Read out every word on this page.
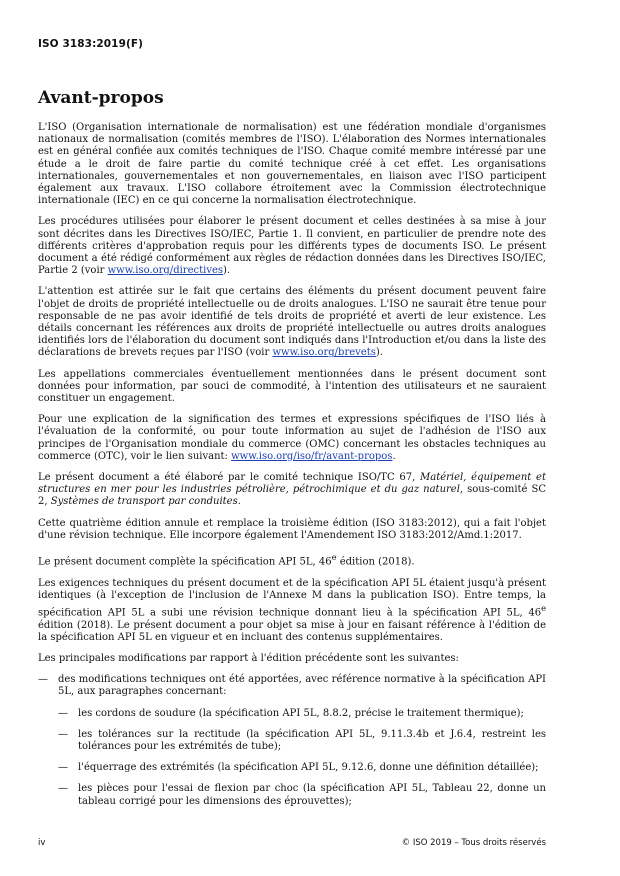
ISO 3183:2019(F)
Avant-propos

L'ISO (Organisation internationale de normalisation) est une fédération mondiale d'organismes nationaux de normalisation (comités membres de l'ISO). L'élaboration des Normes internationales est en général confiée aux comités techniques de l'ISO. Chaque comité membre intéressé par une étude a le droit de faire partie du comité technique créé à cet effet. Les organisations internationales, gouvernementales et non gouvernementales, en liaison avec l'ISO participent également aux travaux. L'ISO collabore étroitement avec la Commission électrotechnique internationale (IEC) en ce qui concerne la normalisation électrotechnique.

Les procédures utilisées pour élaborer le présent document et celles destinées à sa mise à jour sont décrites dans les Directives ISO/IEC, Partie 1. Il convient, en particulier de prendre note des différents critères d'approbation requis pour les différents types de documents ISO. Le présent document a été rédigé conformément aux règles de rédaction données dans les Directives ISO/IEC, Partie 2 (voir www.iso.org/directives).

L'attention est attirée sur le fait que certains des éléments du présent document peuvent faire l'objet de droits de propriété intellectuelle ou de droits analogues. L'ISO ne saurait être tenue pour responsable de ne pas avoir identifié de tels droits de propriété et averti de leur existence. Les détails concernant les références aux droits de propriété intellectuelle ou autres droits analogues identifiés lors de l'élaboration du document sont indiqués dans l'Introduction et/ou dans la liste des déclarations de brevets reçues par l'ISO (voir www.iso.org/brevets).

Les appellations commerciales éventuellement mentionnées dans le présent document sont données pour information, par souci de commodité, à l'intention des utilisateurs et ne sauraient constituer un engagement.

Pour une explication de la signification des termes et expressions spécifiques de l'ISO liés à l'évaluation de la conformité, ou pour toute information au sujet de l'adhésion de l'ISO aux principes de l'Organisation mondiale du commerce (OMC) concernant les obstacles techniques au commerce (OTC), voir le lien suivant: www.iso.org/iso/fr/avant-propos.

Le présent document a été élaboré par le comité technique ISO/TC 67, Matériel, équipement et structures en mer pour les industries pétrolière, pétrochimique et du gaz naturel, sous-comité SC 2, Systèmes de transport par conduites.

Cette quatrième édition annule et remplace la troisième édition (ISO 3183:2012), qui a fait l'objet d'une révision technique. Elle incorpore également l'Amendement ISO 3183:2012/Amd.1:2017.

Le présent document complète la spécification API 5L, 46e édition (2018).

Les exigences techniques du présent document et de la spécification API 5L étaient jusqu'à présent identiques (à l'exception de l'inclusion de l'Annexe M dans la publication ISO). Entre temps, la spécification API 5L a subi une révision technique donnant lieu à la spécification API 5L, 46e édition (2018). Le présent document a pour objet sa mise à jour en faisant référence à l'édition de la spécification API 5L en vigueur et en incluant des contenus supplémentaires.

Les principales modifications par rapport à l'édition précédente sont les suivantes:

—	des modifications techniques ont été apportées, avec référence normative à la spécification API 5L, aux paragraphes concernant:
—	les cordons de soudure (la spécification API 5L, 8.8.2, précise le traitement thermique);
—	les tolérances sur la rectitude (la spécification API 5L, 9.11.3.4b et J.6.4, restreint les tolérances pour les extrémités de tube);
—	l'équerrage des extrémités (la spécification API 5L, 9.12.6, donne une définition détaillée);
—	les pièces pour l'essai de flexion par choc (la spécification API 5L, Tableau 22, donne un tableau corrigé pour les dimensions des éprouvettes);
iv	© ISO 2019 – Tous droits réservés
